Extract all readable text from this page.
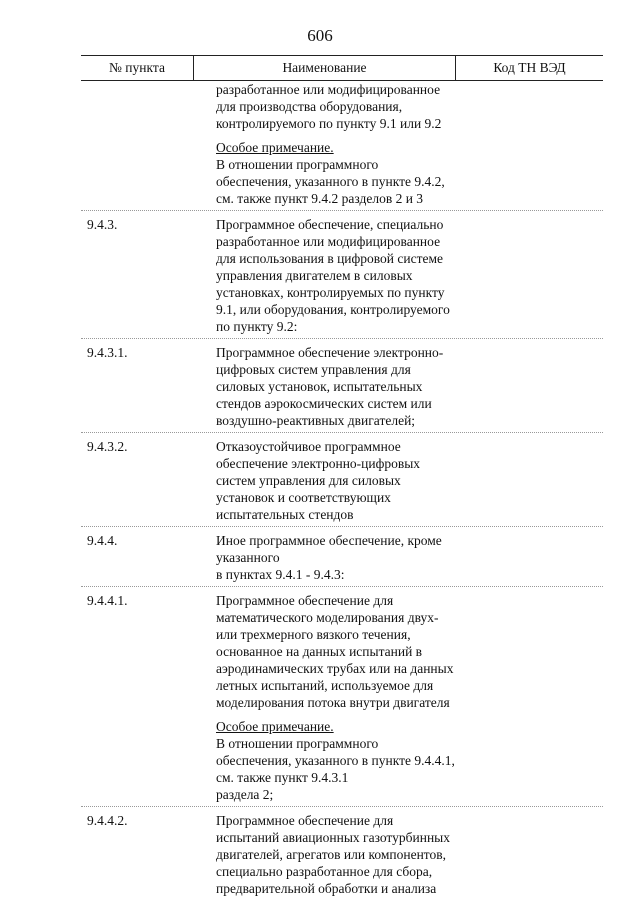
606
№ пункта	Наименование	Код ТН ВЭД
разработанное или модифицированное
для производства оборудования,
контролируемого по пункту 9.1 или 9.2
Особое примечание.
В отношении программного
обеспечения, указанного в пункте 9.4.2,
см. также пункт 9.4.2 разделов 2 и 3
9.4.3.	Программное обеспечение, специально
разработанное или модифицированное
для использования в цифровой системе
управления двигателем в силовых
установках, контролируемых по пункту
9.1, или оборудования, контролируемого
по пункту 9.2:
9.4.3.1.	Программное обеспечение электронно-
цифровых систем управления для
силовых установок, испытательных
стендов аэрокосмических систем или
воздушно-реактивных двигателей;
9.4.3.2.	Отказоустойчивое программное
обеспечение электронно-цифровых
систем управления для силовых
установок и соответствующих
испытательных стендов
9.4.4.	Иное программное обеспечение, кроме
указанного
в пунктах 9.4.1 - 9.4.3:
9.4.4.1.	Программное обеспечение для
математического моделирования двух-
или трехмерного вязкого течения,
основанное на данных испытаний в
аэродинамических трубах или на данных
летных испытаний, используемое для
моделирования потока внутри двигателя
Особое примечание.
В отношении программного
обеспечения, указанного в пункте 9.4.4.1,
см. также пункт 9.4.3.1
раздела 2;
9.4.4.2.	Программное обеспечение для
испытаний авиационных газотурбинных
двигателей, агрегатов или компонентов,
специально разработанное для сбора,
предварительной обработки и анализа
